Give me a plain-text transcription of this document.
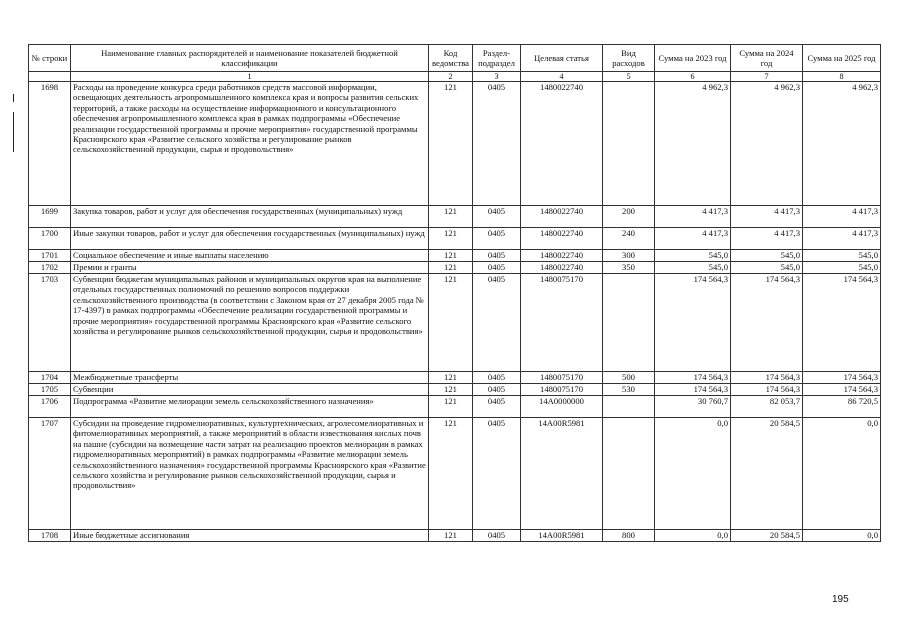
№ строки	Наименование главных распорядителей и наименование показателей бюджетной классификации	Код ведомства	Раздел-подраздел	Целевая статья	Вид расходов	Сумма на 2023 год	Сумма на 2024 год	Сумма на 2025 год
	1	2	3	4	5	6	7	8
1698	Расходы на проведение конкурса среди работников средств массовой информации, освещающих деятельность агропромышленного комплекса края и вопросы развития сельских территорий, а также расходы на осуществление информационного и консультационного обеспечения агропромышленного комплекса края в рамках подпрограммы «Обеспечение реализации государственной программы и прочие мероприятия» государственной программы Красноярского края «Развитие сельского хозяйства и регулирование рынков сельскохозяйственной продукции, сырья и продовольствия»	121	0405	1480022740		4 962,3	4 962,3	4 962,3
1699	Закупка товаров, работ и услуг для обеспечения государственных (муниципальных) нужд	121	0405	1480022740	200	4 417,3	4 417,3	4 417,3
1700	Иные закупки товаров, работ и услуг для обеспечения государственных (муниципальных) нужд	121	0405	1480022740	240	4 417,3	4 417,3	4 417,3
1701	Социальное обеспечение и иные выплаты населению	121	0405	1480022740	300	545,0	545,0	545,0
1702	Премии и гранты	121	0405	1480022740	350	545,0	545,0	545,0
1703	Субвенции бюджетам муниципальных районов и муниципальных округов края на выполнение отдельных государственных полномочий по решению вопросов поддержки сельскохозяйственного производства (в соответствии с Законом края от 27 декабря 2005 года № 17-4397) в рамках подпрограммы «Обеспечение реализации государственной программы и прочие мероприятия» государственной программы Красноярского края «Развитие сельского хозяйства и регулирование рынков сельскохозяйственной продукции, сырья и продовольствия»	121	0405	1480075170		174 564,3	174 564,3	174 564,3
1704	Межбюджетные трансферты	121	0405	1480075170	500	174 564,3	174 564,3	174 564,3
1705	Субвенции	121	0405	1480075170	530	174 564,3	174 564,3	174 564,3
1706	Подпрограмма «Развитие мелиорации земель сельскохозяйственного назначения»	121	0405	14А0000000		30 760,7	82 053,7	86 720,5
1707	Субсидии на проведение гидромелиоративных, культуртехнических, агролесомелиоративных и фитомелиоративных мероприятий, а также мероприятий в области известкования кислых почв на пашне (субсидии на возмещение части затрат на реализацию проектов мелиорации в рамках гидромелиоративных мероприятий) в рамках подпрограммы «Развитие мелиорации земель сельскохозяйственного назначения» государственной программы Красноярского края «Развитие сельского хозяйства и регулирование рынков сельскохозяйственной продукции, сырья и продовольствия»	121	0405	14А00R5981		0,0	20 584,5	0,0
1708	Иные бюджетные ассигнования	121	0405	14А00R5981	800	0,0	20 584,5	0,0
195
